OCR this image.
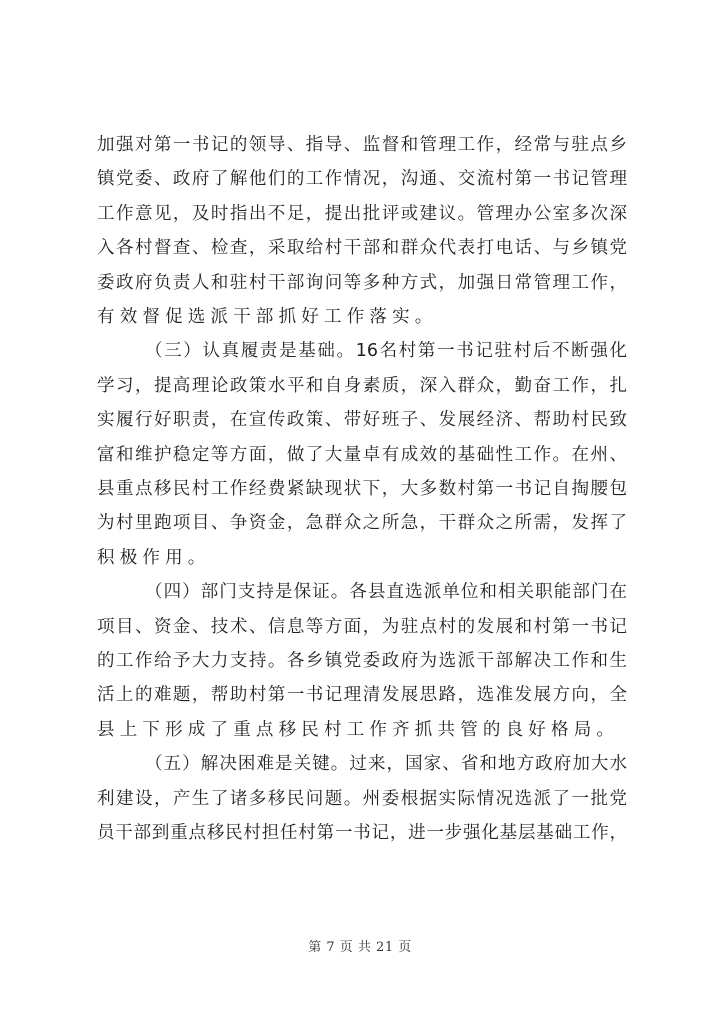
加强对第一书记的领导、指导、监督和管理工作，经常与驻点乡
镇党委、政府了解他们的工作情况，沟通、交流村第一书记管理
工作意见，及时指出不足，提出批评或建议。管理办公室多次深
入各村督查、检查，采取给村干部和群众代表打电话、与乡镇党
委政府负责人和驻村干部询问等多种方式，加强日常管理工作，
有效督促选派干部抓好工作落实。
（三）认真履责是基础。16名村第一书记驻村后不断强化
学习，提高理论政策水平和自身素质，深入群众，勤奋工作，扎
实履行好职责，在宣传政策、带好班子、发展经济、帮助村民致
富和维护稳定等方面，做了大量卓有成效的基础性工作。在州、
县重点移民村工作经费紧缺现状下，大多数村第一书记自掏腰包
为村里跑项目、争资金，急群众之所急，干群众之所需，发挥了
积极作用。
（四）部门支持是保证。各县直选派单位和相关职能部门在
项目、资金、技术、信息等方面，为驻点村的发展和村第一书记
的工作给予大力支持。各乡镇党委政府为选派干部解决工作和生
活上的难题，帮助村第一书记理清发展思路，选准发展方向，全
县上下形成了重点移民村工作齐抓共管的良好格局。
（五）解决困难是关键。过来，国家、省和地方政府加大水
利建设，产生了诸多移民问题。州委根据实际情况选派了一批党
员干部到重点移民村担任村第一书记，进一步强化基层基础工作，
第 7 页 共 21 页
